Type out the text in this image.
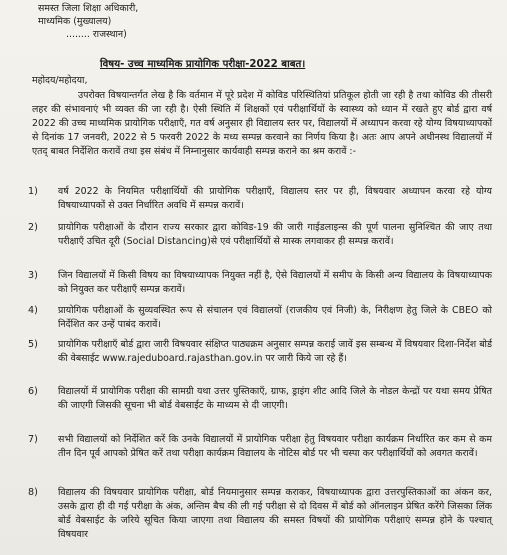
समस्त जिला शिक्षा अधिकारी,
माध्यमिक (मुख्यालय)
........ राजस्थान)
विषय- उच्च माध्यमिक प्रायोगिक परीक्षा-2022 बाबत।
महोदय/महोदया,
उपरोक्त विषयान्तर्गत लेख है कि वर्तमान में पूरे प्रदेश में कोविड परिस्थितियां प्रतिकूल होती जा रही है तथा कोविड की तीसरी लहर की संभावनाएं भी व्यक्त की जा रही है। ऐसी स्थिति में शिक्षकों एवं परीक्षार्थियों के स्वास्थ्य को ध्यान में रखते हुए बोर्ड द्वारा वर्ष 2022 की उच्च माध्यमिक प्रायोगिक परीक्षाएँ, गत वर्ष अनुसार ही विद्यालय स्तर पर, विद्यालयों में अध्यापन करवा रहे योग्य विषयाध्यापकों से दिनांक 17 जनवरी, 2022 से 5 फरवरी 2022 के मध्य सम्पन्न करवाने का निर्णय किया है। अतः आप अपने अधीनस्थ विद्यालयों में एतद् बाबत निर्देशित करावें तथा इस संबंध में निम्नानुसार कार्यवाही सम्पन्न कराने का श्रम करावें :-
1) वर्ष 2022 के नियमित परीक्षार्थियों की प्रायोगिक परीक्षाएँ, विद्यालय स्तर पर ही, विषयवार अध्यापन करवा रहे योग्य विषयाध्यापकों से उक्त निर्धारित अवधि में सम्पन्न करावें।
2) प्रायोगिक परीक्षाओं के दौरान राज्य सरकार द्वारा कोविड-19 की जारी गाईडलाइन्स की पूर्ण पालना सुनिश्चित की जाए तथा परीक्षाएँ उचित दूरी (Social Distancing)से एवं परीक्षार्थियों से मास्क लगवाकर ही सम्पन्न करावें।
3) जिन विद्यालयों में किसी विषय का विषयाध्यापक नियुक्त नहीं है, ऐसे विद्यालयों में समीप के किसी अन्य विद्यालय के विषयाध्यापक को नियुक्त कर परीक्षाएँ सम्पन्न करावें।
4) प्रायोगिक परीक्षाओं के सुव्यवस्थित रूप से संचालन एवं विद्यालयों (राजकीय एवं निजी) के, निरीक्षण हेतु जिले के CBEO को निर्देशित कर उन्हें पाबंद करावें।
5) प्रायोगिक परीक्षाएँ बोर्ड द्वारा जारी विषयवार संक्षिप्त पाठ्यक्रम अनुसार सम्पन्न कराई जावें इस सम्बन्ध में विषयवार दिशा-निर्देश बोर्ड की वेबसाईट www.rajeduboard.rajasthan.gov.in पर जारी किये जा रहे हैं।
6) विद्यालयों में प्रायोगिक परीक्षा की सामग्री यथा उत्तर पुस्तिकाएँ, ग्राफ, ड्राइंग शीट आदि जिले के नोडल केन्द्रों पर यथा समय प्रेषित की जाएगी जिसकी सूचना भी बोर्ड वेबसाईट के माध्यम से दी जाएगी।
7) सभी विद्यालयों को निर्देशित करें कि उनके विद्यालयों में प्रायोगिक परीक्षा हेतु विषयवार परीक्षा कार्यक्रम निर्धारित कर कम से कम तीन दिन पूर्व आपको प्रेषित करें तथा परीक्षा कार्यक्रम विद्यालय के नोटिस बोर्ड पर भी चस्पा कर परीक्षार्थियों को अवगत करावें।
8) विद्यालय की विषयवार प्रायोगिक परीक्षा, बोर्ड नियमानुसार सम्पन्न कराकर, विषयाध्यापक द्वारा उत्तरपुस्तिकाओं का अंकन कर, उसके द्वारा ही दी गई परीक्षा के अंक, अन्तिम बैच की ली गई परीक्षा से दो दिवस में बोर्ड को ऑनलाइन प्रेषित करेंगे जिसका लिंक बोर्ड वेबसाईट के जरिये सूचित किया जाएगा तथा विद्यालय की समस्त विषयों की प्रायोगिक परीक्षाएं सम्पन्न होने के पश्चात् विषयवार
